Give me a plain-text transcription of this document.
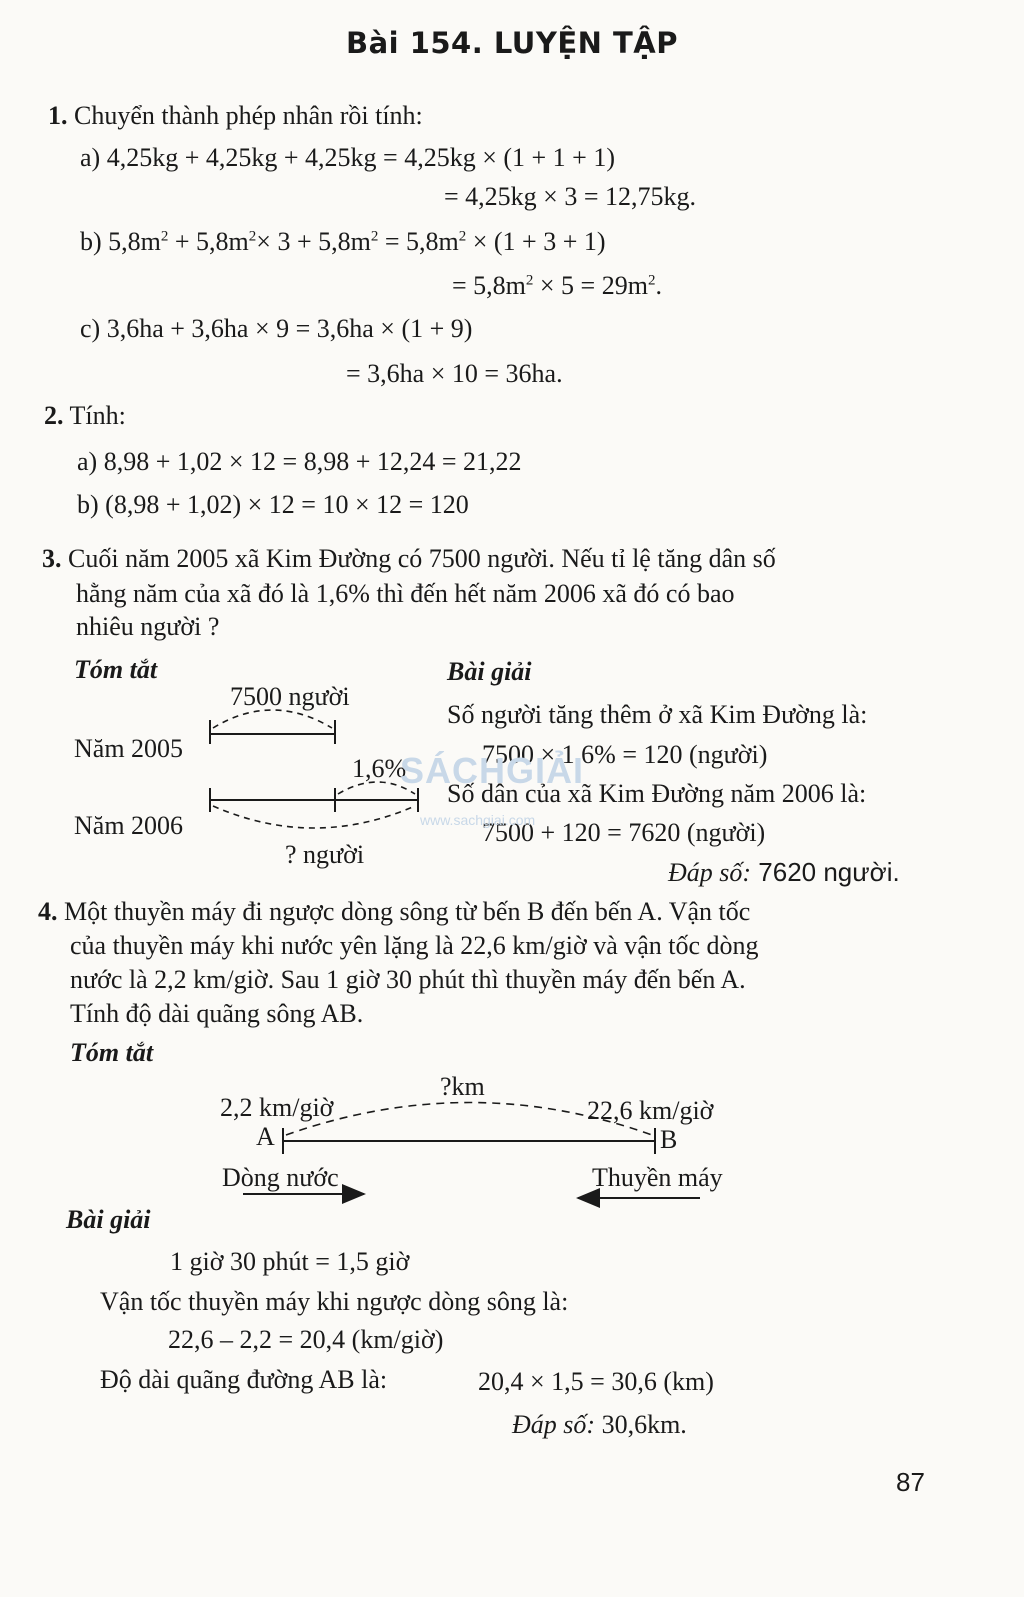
Bài 154. LUYỆN TẬP
1. Chuyển thành phép nhân rồi tính:
a) 4,25kg + 4,25kg + 4,25kg = 4,25kg × (1 + 1 + 1)
= 4,25kg × 3 = 12,75kg.
b) $5,8m^2 + 5,8m^2\times 3 + 5,8m^2 = 5,8m^2 \times (1 + 3 + 1)$
= $5,8m^2 \times 5 = 29m^2$.
c) 3,6ha + 3,6ha × 9 = 3,6ha × (1 + 9)
= 3,6ha × 10 = 36ha.
2. Tính:
a) 8,98 + 1,02 × 12 = 8,98 + 12,24 = 21,22
b) (8,98 + 1,02) × 12 = 10 × 12 = 120
3. Cuối năm 2005 xã Kim Đường có 7500 người. Nếu tỉ lệ tăng dân số
hằng năm của xã đó là 1,6% thì đến hết năm 2006 xã đó có bao
nhiêu người ?
Tóm tắt
7500 người
Năm 2005
1,6%
Năm 2006
? người
Bài giải
Số người tăng thêm ở xã Kim Đường là:
7500 × 1,6% = 120 (người)
Số dân của xã Kim Đường năm 2006 là:
7500 + 120 = 7620 (người)
Đáp số: 7620 người.
SÁCHGIẢI
www.sachgiai.com
4. Một thuyền máy đi ngược dòng sông từ bến B đến bến A. Vận tốc
của thuyền máy khi nước yên lặng là 22,6 km/giờ và vận tốc dòng
nước là 2,2 km/giờ. Sau 1 giờ 30 phút thì thuyền máy đến bến A.
Tính độ dài quãng sông AB.
Tóm tắt
?km
2,2 km/giờ	22,6 km/giờ
A	B
Dòng nước	Thuyền máy
Bài giải
1 giờ 30 phút = 1,5 giờ
Vận tốc thuyền máy khi ngược dòng sông là:
22,6 – 2,2 = 20,4 (km/giờ)
Độ dài quãng đường AB là:	20,4 × 1,5 = 30,6 (km)
Đáp số: 30,6km.
87
